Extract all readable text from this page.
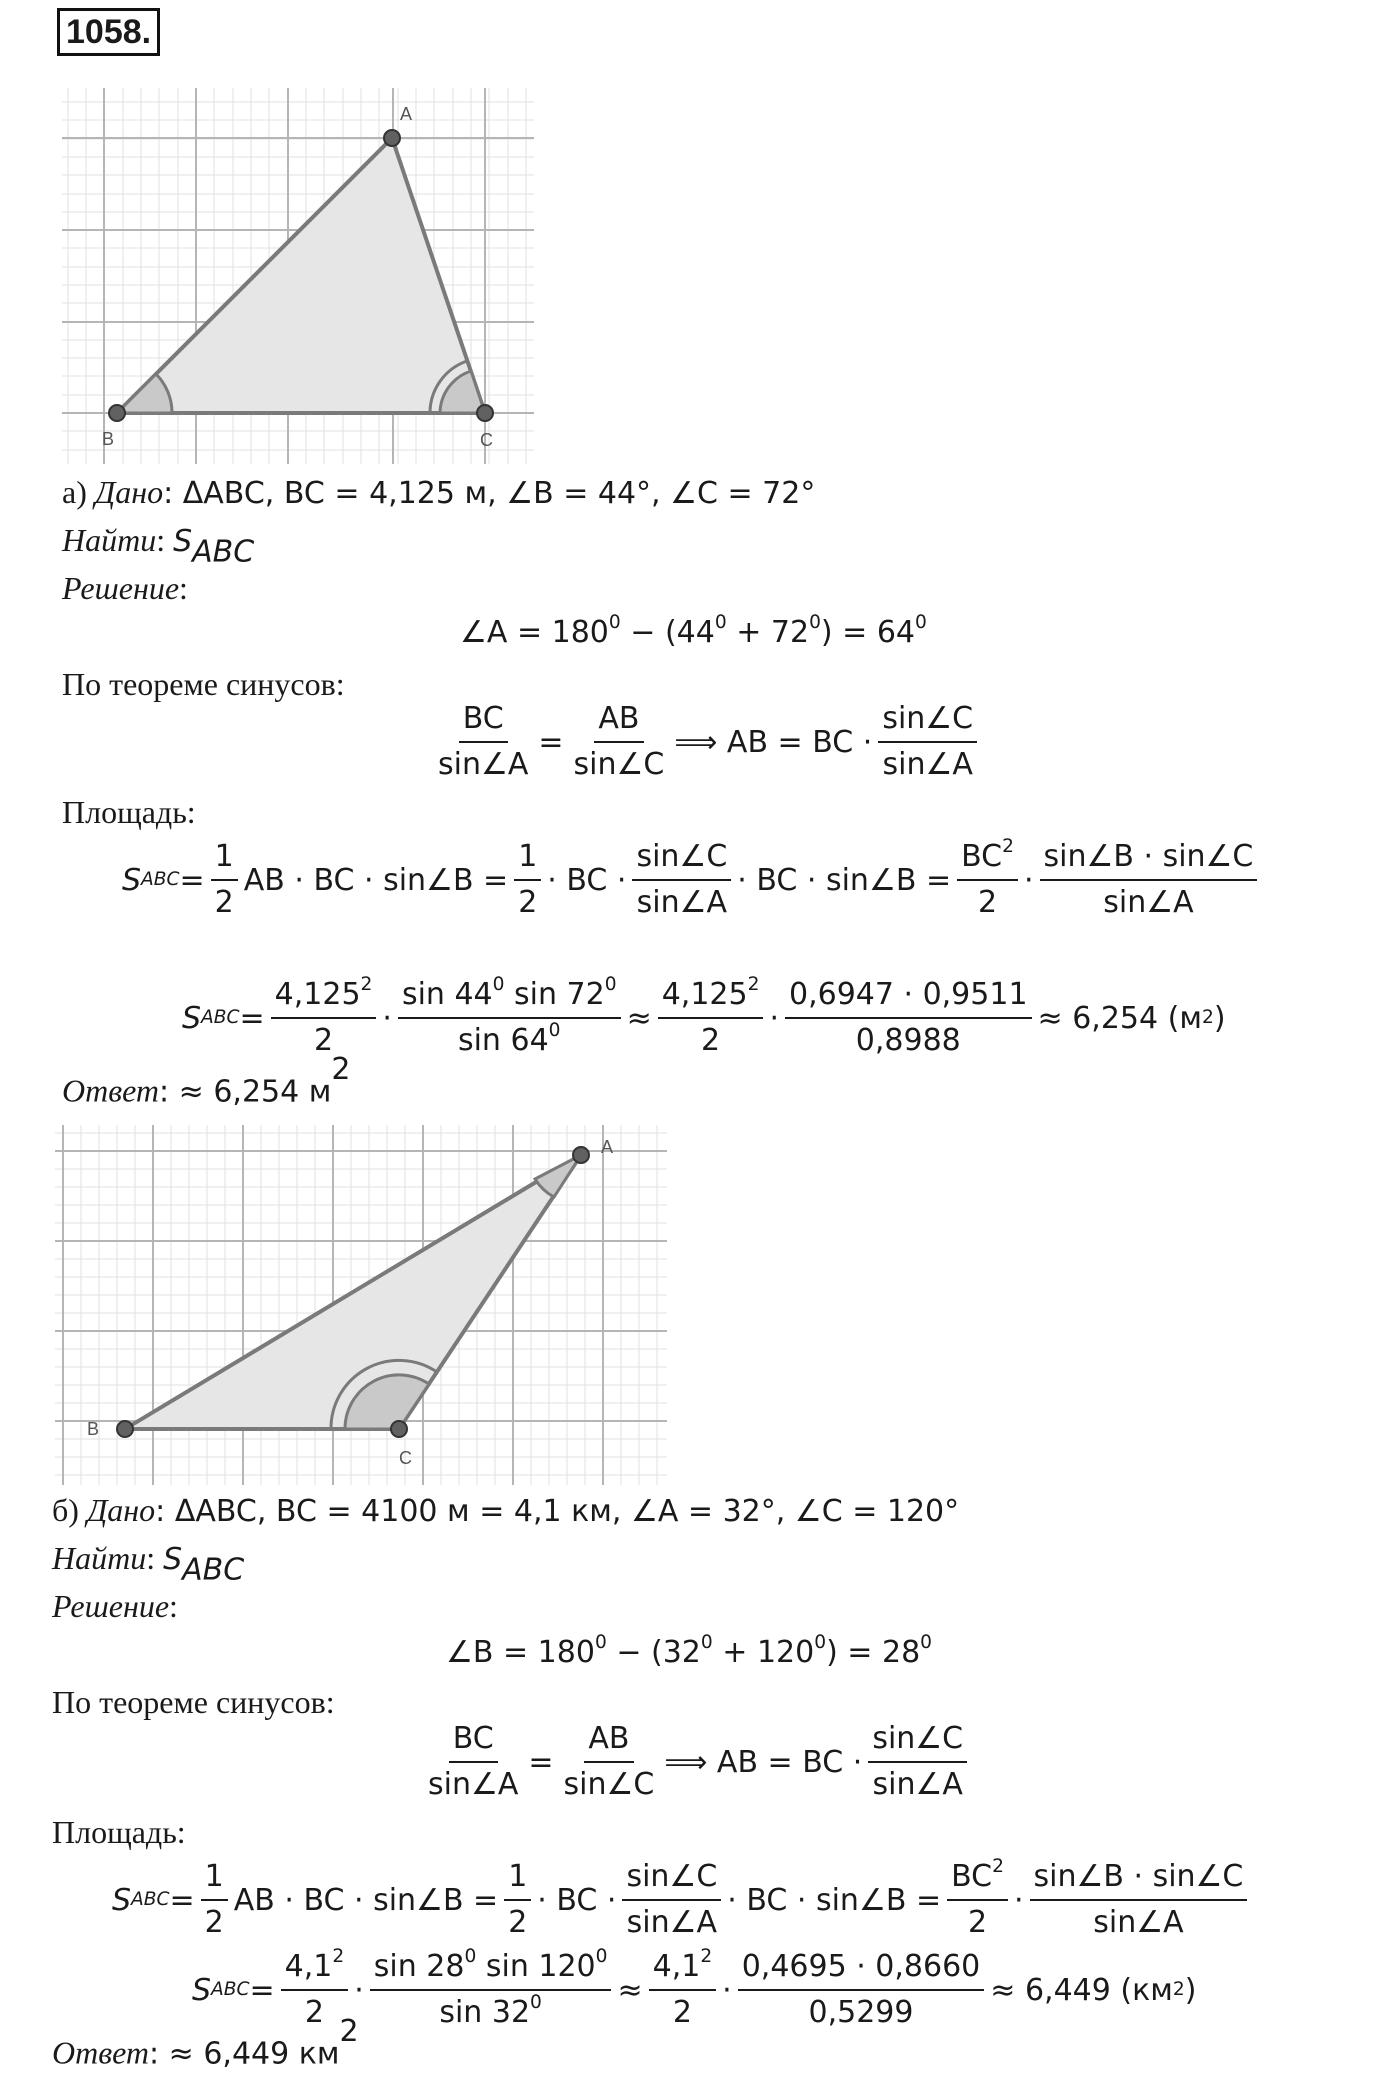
1058.
A
B	C
а) Дано: ΔABC, BC = 4,125 м, ∠B = 44°, ∠C = 72°
Найти: $S_{ABC}$
Решение:
∠A = $180^0 - (44^0 + 72^0) = 64^0$
По теореме синусов:
$\frac{BC}{\sin\angle A} = \frac{AB}{\sin\angle C}$ ⟹ AB = BC · $\frac{\sin\angle C}{\sin\angle A}$
Площадь:
S ABC = $\frac{1}{2}$ AB · BC · sin∠B = $\frac{1}{2}$ · BC · $\frac{\sin\angle C}{\sin\angle A}$ · BC · sin∠B = $\frac{BC^2}{2} \cdot \frac{\sin\angle B \cdot \sin\angle C}{\sin\angle A}$
S ABC = $\frac{4,125^2}{2} \cdot \frac{\sin 44^0 \sin 72^0}{\sin 64^0} \approx \frac{4,125^2}{2} \cdot \frac{0,6947 \cdot 0,9511}{0,8988} \approx 6,254$ (м 2 )
Ответ: ≈ 6,254 $м^2$
A
B
C
б) Дано: ΔABC, BC = 4100 м = 4,1 км, ∠A = 32°, ∠C = 120°
Найти: $S_{ABC}$
Решение:
∠B = $180^0 - (32^0 + 120^0) = 28^0$
По теореме синусов:
$\frac{BC}{\sin\angle A} = \frac{AB}{\sin\angle C}$ ⟹ AB = BC · $\frac{\sin\angle C}{\sin\angle A}$
Площадь:
S ABC = $\frac{1}{2}$ AB · BC · sin∠B = $\frac{1}{2}$ · BC · $\frac{\sin\angle C}{\sin\angle A}$ · BC · sin∠B = $\frac{BC^2}{2} \cdot \frac{\sin\angle B \cdot \sin\angle C}{\sin\angle A}$
S ABC = $\frac{4,1^2}{2} \cdot \frac{\sin 28^0 \sin 120^0}{\sin 32^0} \approx \frac{4,1^2}{2} \cdot \frac{0,4695 \cdot 0,8660}{0,5299} \approx 6,449$ (км 2 )
Ответ: ≈ 6,449 $км^2$
